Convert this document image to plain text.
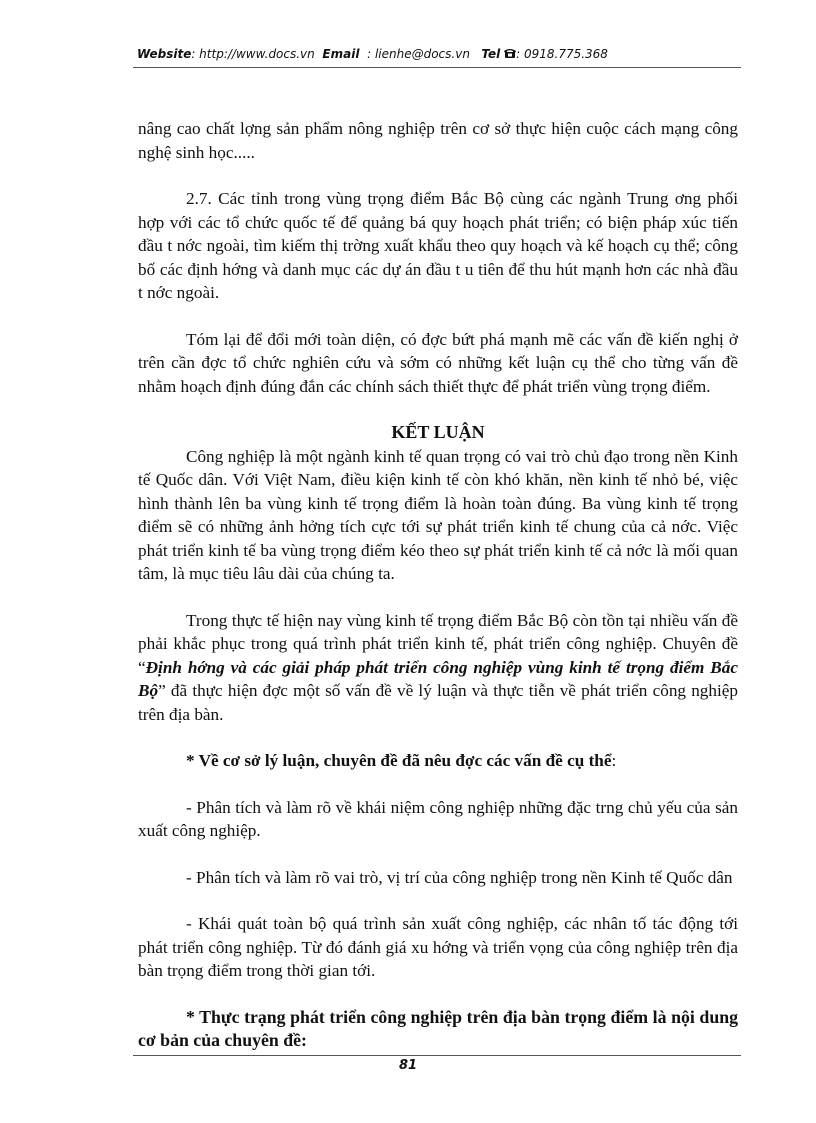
Website: http://www.docs.vn Email : lienhe@docs.vn Tel : 0918.775.368

nâng cao chất lợng sản phẩm nông nghiệp trên cơ sở thực hiện cuộc cách mạng công nghệ sinh học.....

2.7. Các tỉnh trong vùng trọng điểm Bắc Bộ cùng các ngành Trung ơng phối hợp với các tổ chức quốc tế để quảng bá quy hoạch phát triển; có biện pháp xúc tiến đầu t nớc ngoài, tìm kiếm thị trờng xuất khẩu theo quy hoạch và kế hoạch cụ thể; công bố các định hớng và danh mục các dự án đầu t u tiên để thu hút mạnh hơn các nhà đầu t nớc ngoài.

Tóm lại để đổi mới toàn diện, có đợc bứt phá mạnh mẽ các vấn đề kiến nghị ở trên cần đợc tổ chức nghiên cứu và sớm có những kết luận cụ thể cho từng vấn đề nhằm hoạch định đúng đắn các chính sách thiết thực để phát triển vùng trọng điểm.

KẾT LUẬN

Công nghiệp là một ngành kinh tế quan trọng có vai trò chủ đạo trong nền Kinh tế Quốc dân. Với Việt Nam, điều kiện kinh tế còn khó khăn, nền kinh tế nhỏ bé, việc hình thành lên ba vùng kinh tế trọng điểm là hoàn toàn đúng. Ba vùng kinh tế trọng điểm sẽ có những ảnh hởng tích cực tới sự phát triển kinh tế chung của cả nớc. Việc phát triển kinh tế ba vùng trọng điểm kéo theo sự phát triển kinh tế cả nớc là mối quan tâm, là mục tiêu lâu dài của chúng ta.

Trong thực tế hiện nay vùng kinh tế trọng điểm Bắc Bộ còn tồn tại nhiều vấn đề phải khắc phục trong quá trình phát triển kinh tế, phát triển công nghiệp. Chuyên đề “Định hớng và các giải pháp phát triển công nghiệp vùng kinh tế trọng điểm Bắc Bộ” đã thực hiện đợc một số vấn đề về lý luận và thực tiễn về phát triển công nghiệp trên địa bàn.

* Về cơ sở lý luận, chuyên đề đã nêu đợc các vấn đề cụ thể:

- Phân tích và làm rõ về khái niệm công nghiệp những đặc trng chủ yếu của sản xuất công nghiệp.

- Phân tích và làm rõ vai trò, vị trí của công nghiệp trong nền Kinh tế Quốc dân

- Khái quát toàn bộ quá trình sản xuất công nghiệp, các nhân tố tác động tới phát triển công nghiệp. Từ đó đánh giá xu hớng và triển vọng của công nghiệp trên địa bàn trọng điểm trong thời gian tới.

* Thực trạng phát triển công nghiệp trên địa bàn trọng điểm là nội dung cơ bản của chuyên đề:

81
